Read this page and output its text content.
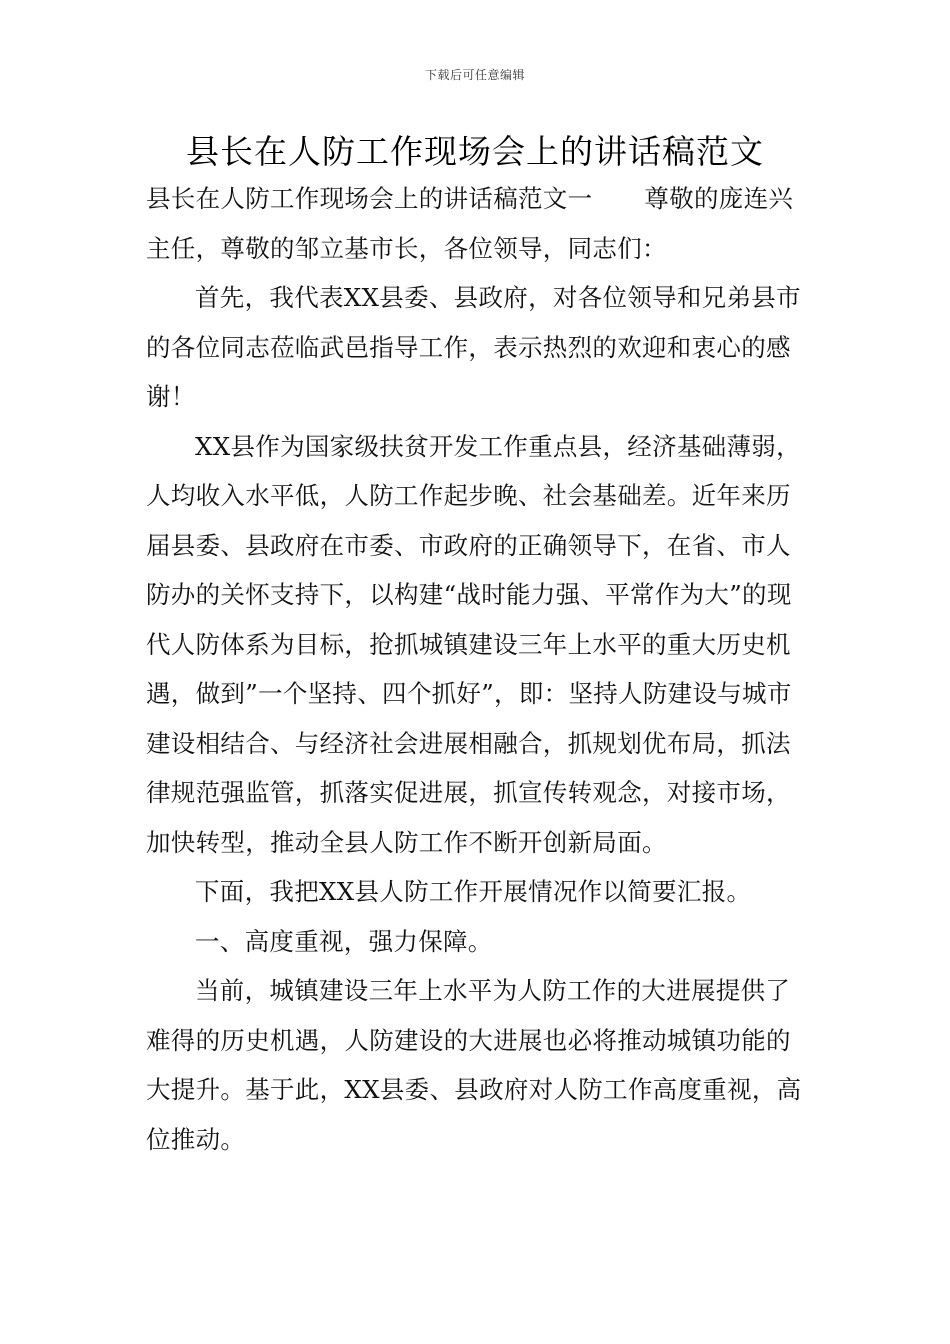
下载后可任意编辑
县长在人防工作现场会上的讲话稿范文

县长在人防工作现场会上的讲话稿范文一 尊敬的庞连兴主任，尊敬的邹立基市长，各位领导，同志们：

首先，我代表XX县委、县政府，对各位领导和兄弟县市的各位同志莅临武邑指导工作，表示热烈的欢迎和衷心的感谢！

XX县作为国家级扶贫开发工作重点县，经济基础薄弱，人均收入水平低，人防工作起步晚、社会基础差。近年来历届县委、县政府在市委、市政府的正确领导下，在省、市人防办的关怀支持下，以构建“战时能力强、平常作为大”的现代人防体系为目标，抢抓城镇建设三年上水平的重大历史机遇，做到”一个坚持、四个抓好”，即：坚持人防建设与城市建设相结合、与经济社会进展相融合，抓规划优布局，抓法律规范强监管，抓落实促进展，抓宣传转观念，对接市场，加快转型，推动全县人防工作不断开创新局面。

下面，我把XX县人防工作开展情况作以简要汇报。

一、高度重视，强力保障。

当前，城镇建设三年上水平为人防工作的大进展提供了难得的历史机遇，人防建设的大进展也必将推动城镇功能的大提升。基于此，XX县委、县政府对人防工作高度重视，高位推动。
